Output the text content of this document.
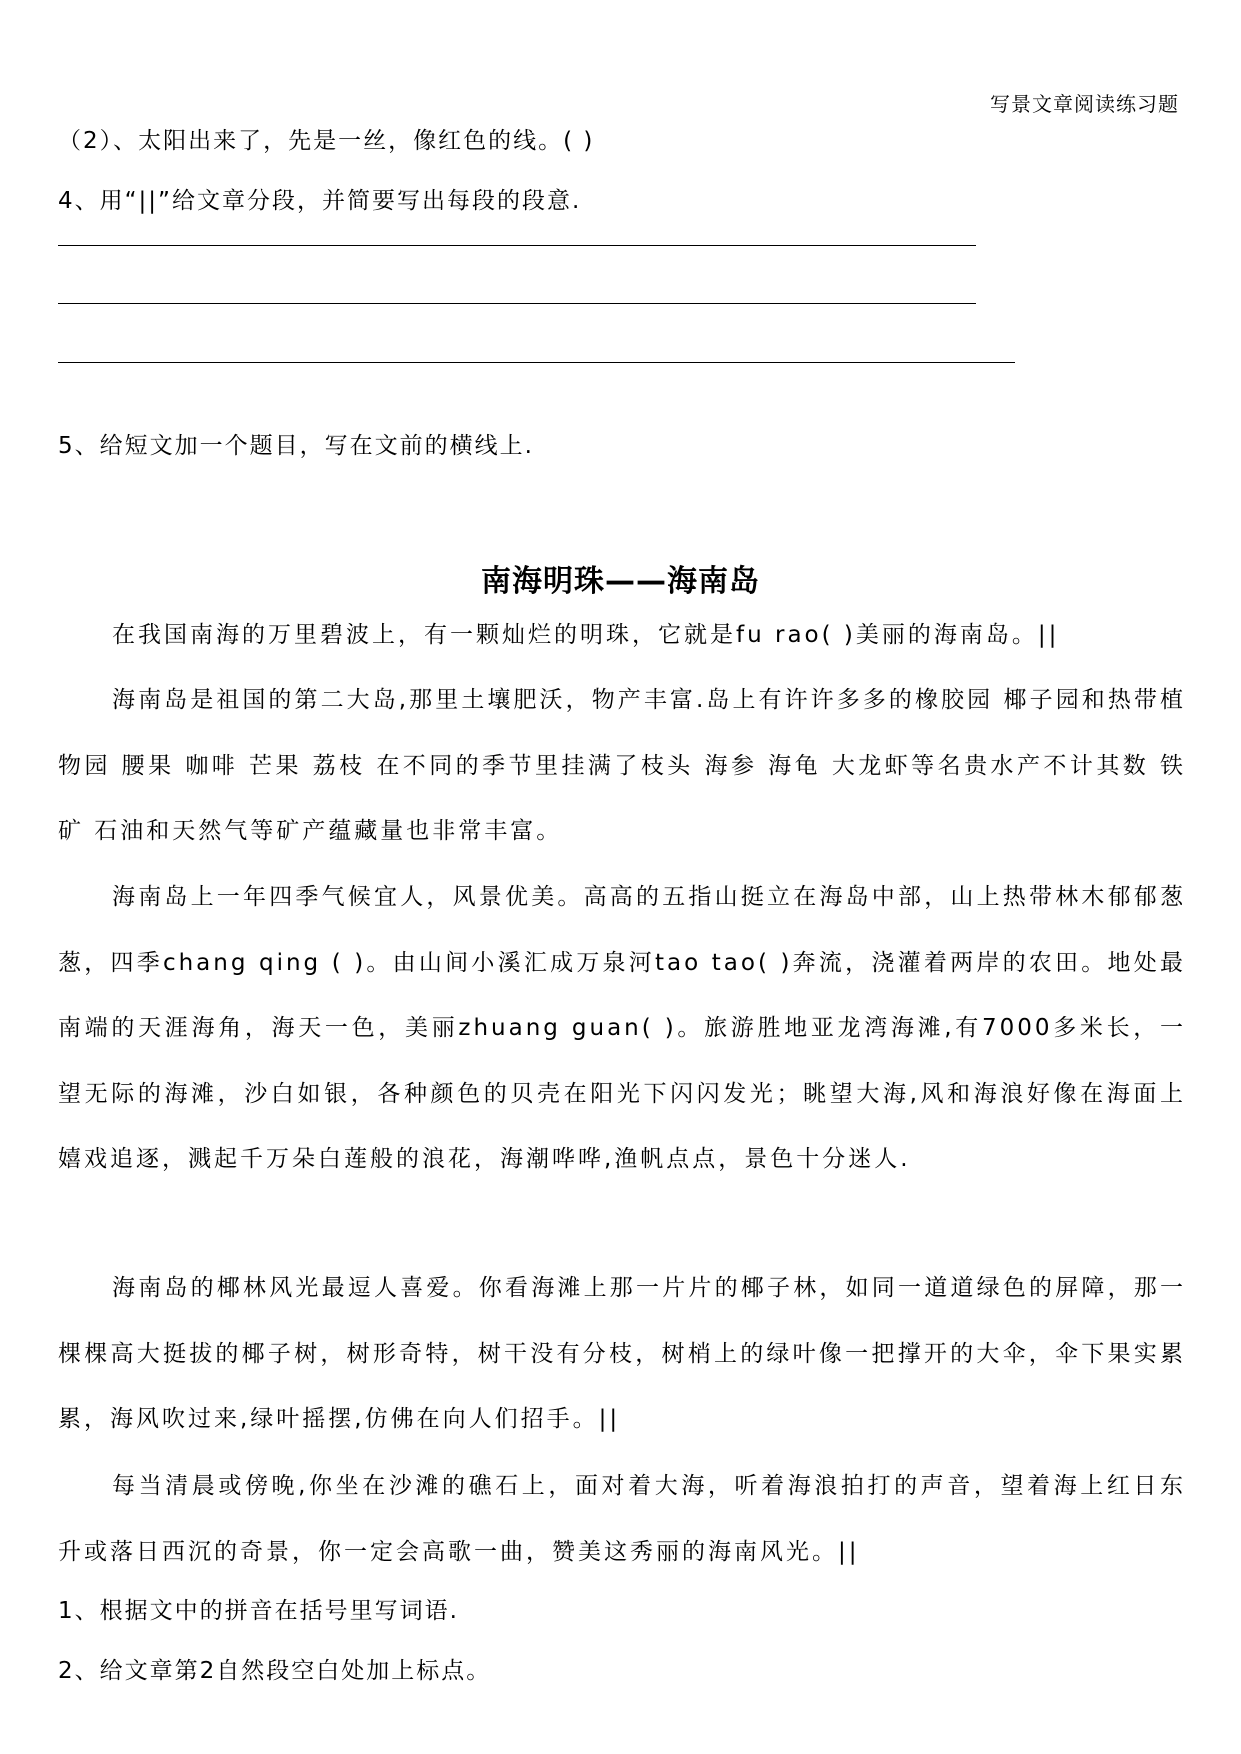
写景文章阅读练习题
（2）、太阳出来了，先是一丝，像红色的线。( )
4、用“||”给文章分段，并简要写出每段的段意.
5、给短文加一个题目，写在文前的横线上.
南海明珠——海南岛
在我国南海的万里碧波上，有一颗灿烂的明珠，它就是fu rao( )美丽的海南岛。||
海南岛是祖国的第二大岛,那里土壤肥沃，物产丰富.岛上有许许多多的橡胶园 椰子园和热带植物园 腰果 咖啡 芒果 荔枝 在不同的季节里挂满了枝头 海参 海龟 大龙虾等名贵水产不计其数 铁矿 石油和天然气等矿产蕴藏量也非常丰富。
海南岛上一年四季气候宜人，风景优美。高高的五指山挺立在海岛中部，山上热带林木郁郁葱葱，四季chang qing ( )。由山间小溪汇成万泉河tao tao( )奔流，浇灌着两岸的农田。地处最南端的天涯海角，海天一色，美丽zhuang guan( )。旅游胜地亚龙湾海滩,有7000多米长，一望无际的海滩，沙白如银，各种颜色的贝壳在阳光下闪闪发光；眺望大海,风和海浪好像在海面上嬉戏追逐，溅起千万朵白莲般的浪花，海潮哗哗,渔帆点点，景色十分迷人.
海南岛的椰林风光最逗人喜爱。你看海滩上那一片片的椰子林，如同一道道绿色的屏障，那一棵棵高大挺拔的椰子树，树形奇特，树干没有分枝，树梢上的绿叶像一把撑开的大伞，伞下果实累累，海风吹过来,绿叶摇摆,仿佛在向人们招手。||
每当清晨或傍晚,你坐在沙滩的礁石上，面对着大海，听着海浪拍打的声音，望着海上红日东升或落日西沉的奇景，你一定会高歌一曲，赞美这秀丽的海南风光。||
1、根据文中的拼音在括号里写词语.
2、给文章第2自然段空白处加上标点。
